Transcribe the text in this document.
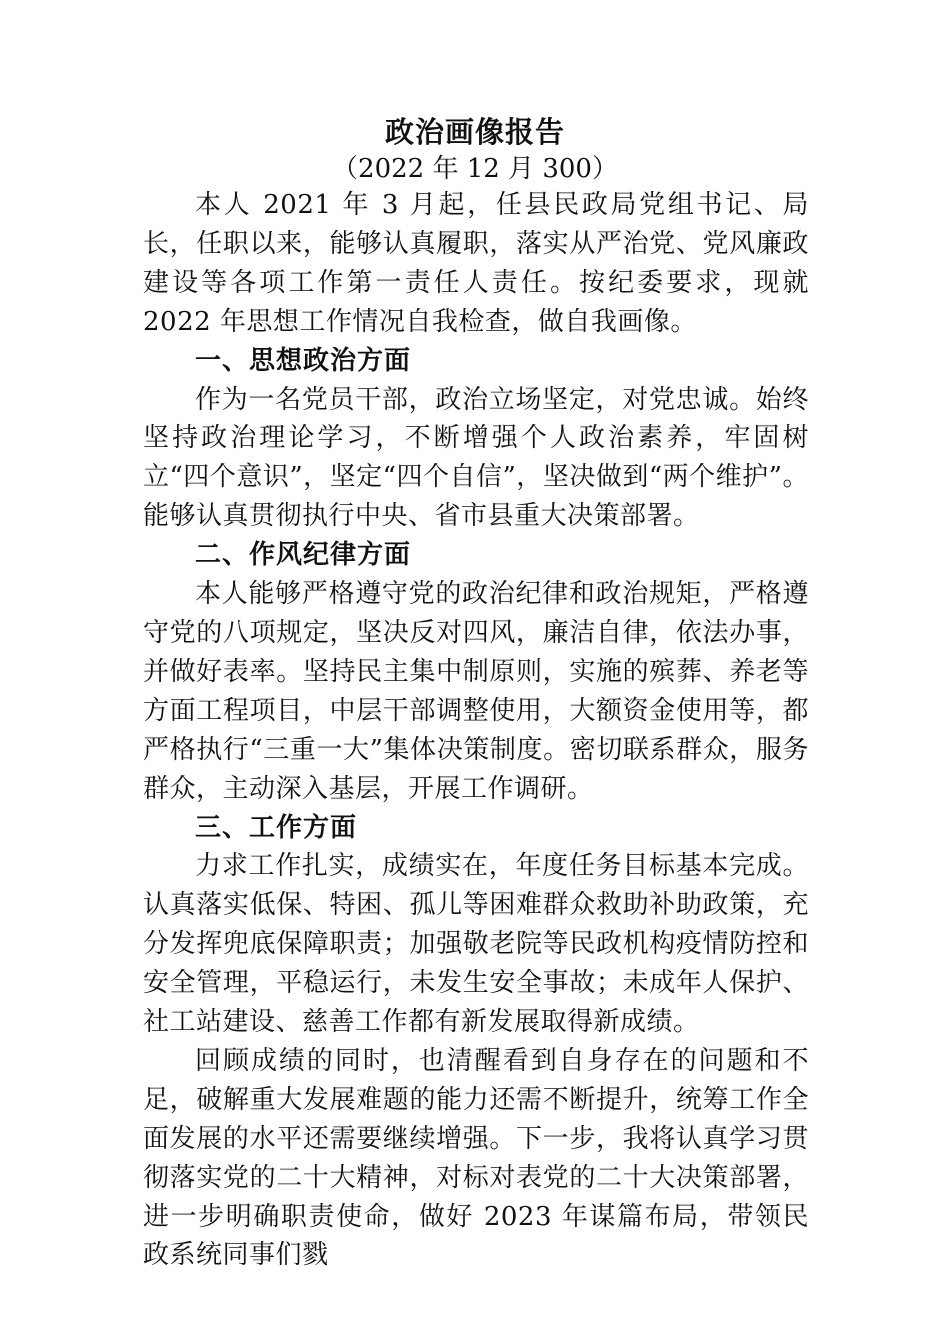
政治画像报告
（2022 年 12 月 300）

本人 2021 年 3 月起，任县民政局党组书记、局长，任职以来，能够认真履职，落实从严治党、党风廉政建设等各项工作第一责任人责任。按纪委要求，现就 2022 年思想工作情况自我检查，做自我画像。

一、思想政治方面

作为一名党员干部，政治立场坚定，对党忠诚。始终坚持政治理论学习，不断增强个人政治素养，牢固树立“四个意识”，坚定“四个自信”，坚决做到“两个维护”。能够认真贯彻执行中央、省市县重大决策部署。

二、作风纪律方面

本人能够严格遵守党的政治纪律和政治规矩，严格遵守党的八项规定，坚决反对四风，廉洁自律，依法办事，并做好表率。坚持民主集中制原则，实施的殡葬、养老等方面工程项目，中层干部调整使用，大额资金使用等，都严格执行“三重一大”集体决策制度。密切联系群众，服务群众，主动深入基层，开展工作调研。

三、工作方面

力求工作扎实，成绩实在，年度任务目标基本完成。认真落实低保、特困、孤儿等困难群众救助补助政策，充分发挥兜底保障职责；加强敬老院等民政机构疫情防控和安全管理，平稳运行，未发生安全事故；未成年人保护、社工站建设、慈善工作都有新发展取得新成绩。

回顾成绩的同时，也清醒看到自身存在的问题和不足，破解重大发展难题的能力还需不断提升，统筹工作全面发展的水平还需要继续增强。下一步，我将认真学习贯彻落实党的二十大精神，对标对表党的二十大决策部署，进一步明确职责使命，做好 2023 年谋篇布局，带领民政系统同事们戮
